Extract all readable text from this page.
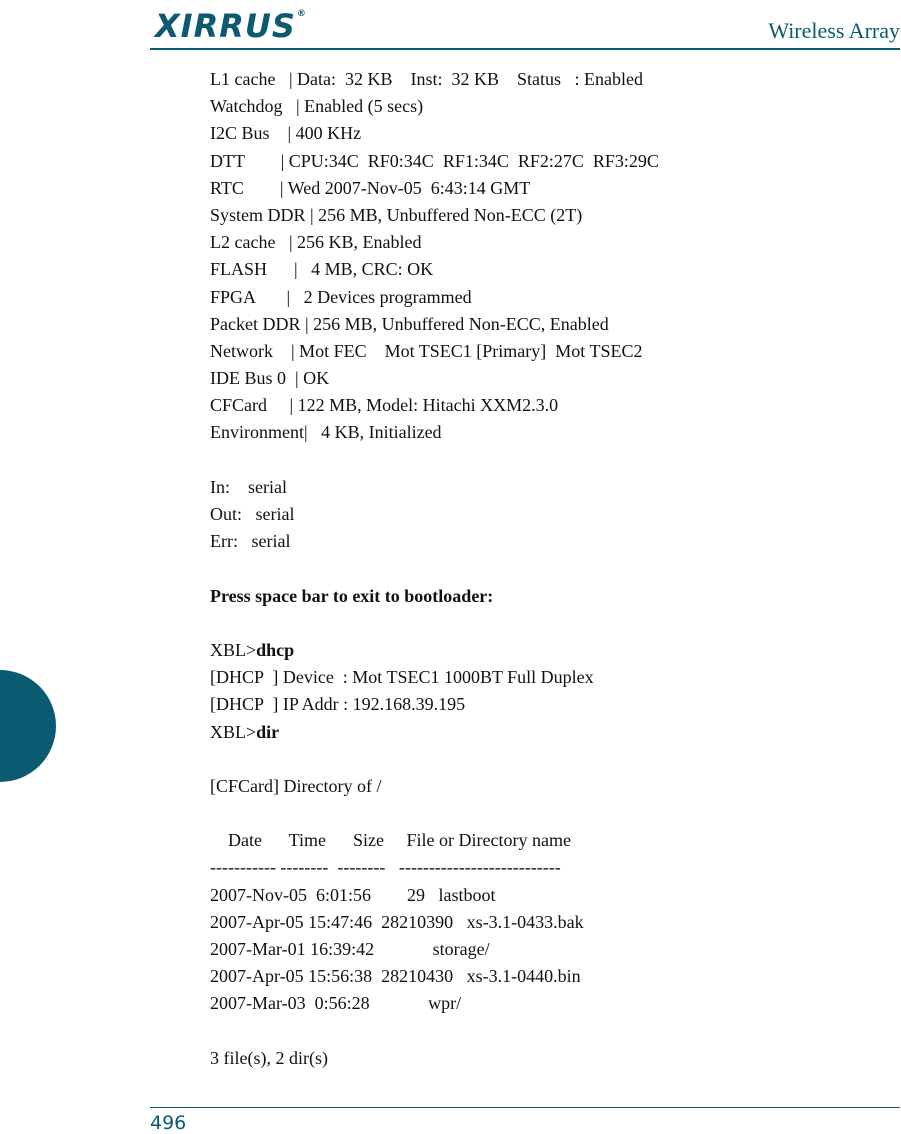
XIRRUS®
Wireless Array
L1 cache   | Data:  32 KB    Inst:  32 KB    Status   : Enabled
Watchdog   | Enabled (5 secs)
I2C Bus    | 400 KHz
DTT        | CPU:34C  RF0:34C  RF1:34C  RF2:27C  RF3:29C
RTC        | Wed 2007-Nov-05  6:43:14 GMT
System DDR | 256 MB, Unbuffered Non-ECC (2T)
L2 cache   | 256 KB, Enabled
FLASH      |   4 MB, CRC: OK
FPGA       |   2 Devices programmed
Packet DDR | 256 MB, Unbuffered Non-ECC, Enabled
Network    | Mot FEC    Mot TSEC1 [Primary]  Mot TSEC2
IDE Bus 0  | OK
CFCard     | 122 MB, Model: Hitachi XXM2.3.0
Environment|   4 KB, Initialized
In:    serial
Out:   serial
Err:   serial
Press space bar to exit to bootloader:
XBL>dhcp
[DHCP  ] Device  : Mot TSEC1 1000BT Full Duplex
[DHCP  ] IP Addr : 192.168.39.195
XBL>dir
[CFCard] Directory of /
Date      Time      Size     File or Directory name
----------- --------  --------   ---------------------------
2007-Nov-05  6:01:56        29   lastboot
2007-Apr-05 15:47:46  28210390   xs-3.1-0433.bak
2007-Mar-01 16:39:42             storage/
2007-Apr-05 15:56:38  28210430   xs-3.1-0440.bin
2007-Mar-03  0:56:28             wpr/
3 file(s), 2 dir(s)
496
